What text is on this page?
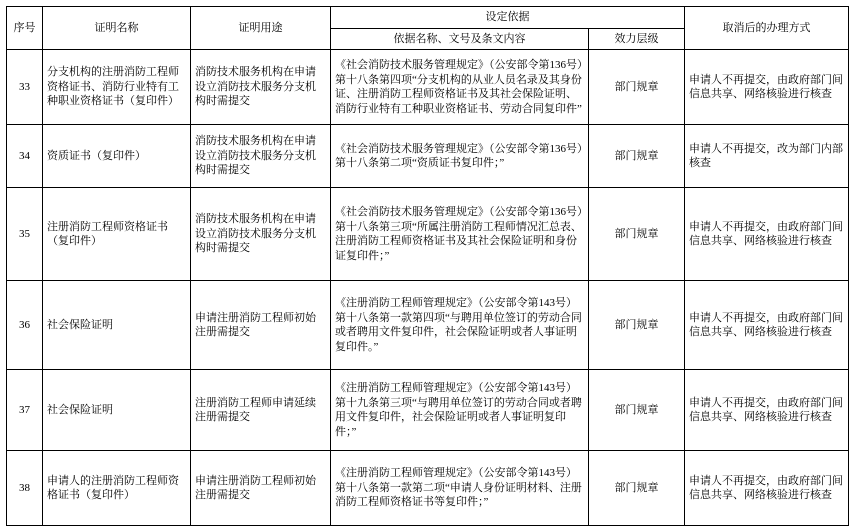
序号	证明名称	证明用途	设定依据		取消后的办理方式
			依据名称、文号及条文内容	效力层级	
33	分支机构的注册消防工程师资格证书、消防行业特有工种职业资格证书（复印件）	消防技术服务机构在申请设立消防技术服务分支机构时需提交	《社会消防技术服务管理规定》（公安部令第136号）第十八条第四项“分支机构的从业人员名录及其身份证、注册消防工程师资格证书及其社会保险证明、消防行业特有工种职业资格证书、劳动合同复印件”	部门规章	申请人不再提交，由政府部门间信息共享、网络核验进行核查
34	资质证书（复印件）	消防技术服务机构在申请设立消防技术服务分支机构时需提交	《社会消防技术服务管理规定》（公安部令第136号）第十八条第二项“资质证书复印件；”	部门规章	申请人不再提交，改为部门内部核查
35	注册消防工程师资格证书（复印件）	消防技术服务机构在申请设立消防技术服务分支机构时需提交	《社会消防技术服务管理规定》（公安部令第136号）第十八条第三项“所属注册消防工程师情况汇总表、注册消防工程师资格证书及其社会保险证明和身份证复印件；”	部门规章	申请人不再提交，由政府部门间信息共享、网络核验进行核查
36	社会保险证明	申请注册消防工程师初始注册需提交	《注册消防工程师管理规定》（公安部令第143号）第十八条第一款第四项“与聘用单位签订的劳动合同或者聘用文件复印件，社会保险证明或者人事证明复印件。”	部门规章	申请人不再提交，由政府部门间信息共享、网络核验进行核查
37	社会保险证明	注册消防工程师申请延续注册需提交	《注册消防工程师管理规定》（公安部令第143号）第十九条第三项“与聘用单位签订的劳动合同或者聘用文件复印件，社会保险证明或者人事证明复印件；”	部门规章	申请人不再提交，由政府部门间信息共享、网络核验进行核查
38	申请人的注册消防工程师资格证书（复印件）	申请注册消防工程师初始注册需提交	《注册消防工程师管理规定》（公安部令第143号）第十八条第一款第二项“申请人身份证明材料、注册消防工程师资格证书等复印件；”	部门规章	申请人不再提交，由政府部门间信息共享、网络核验进行核查
